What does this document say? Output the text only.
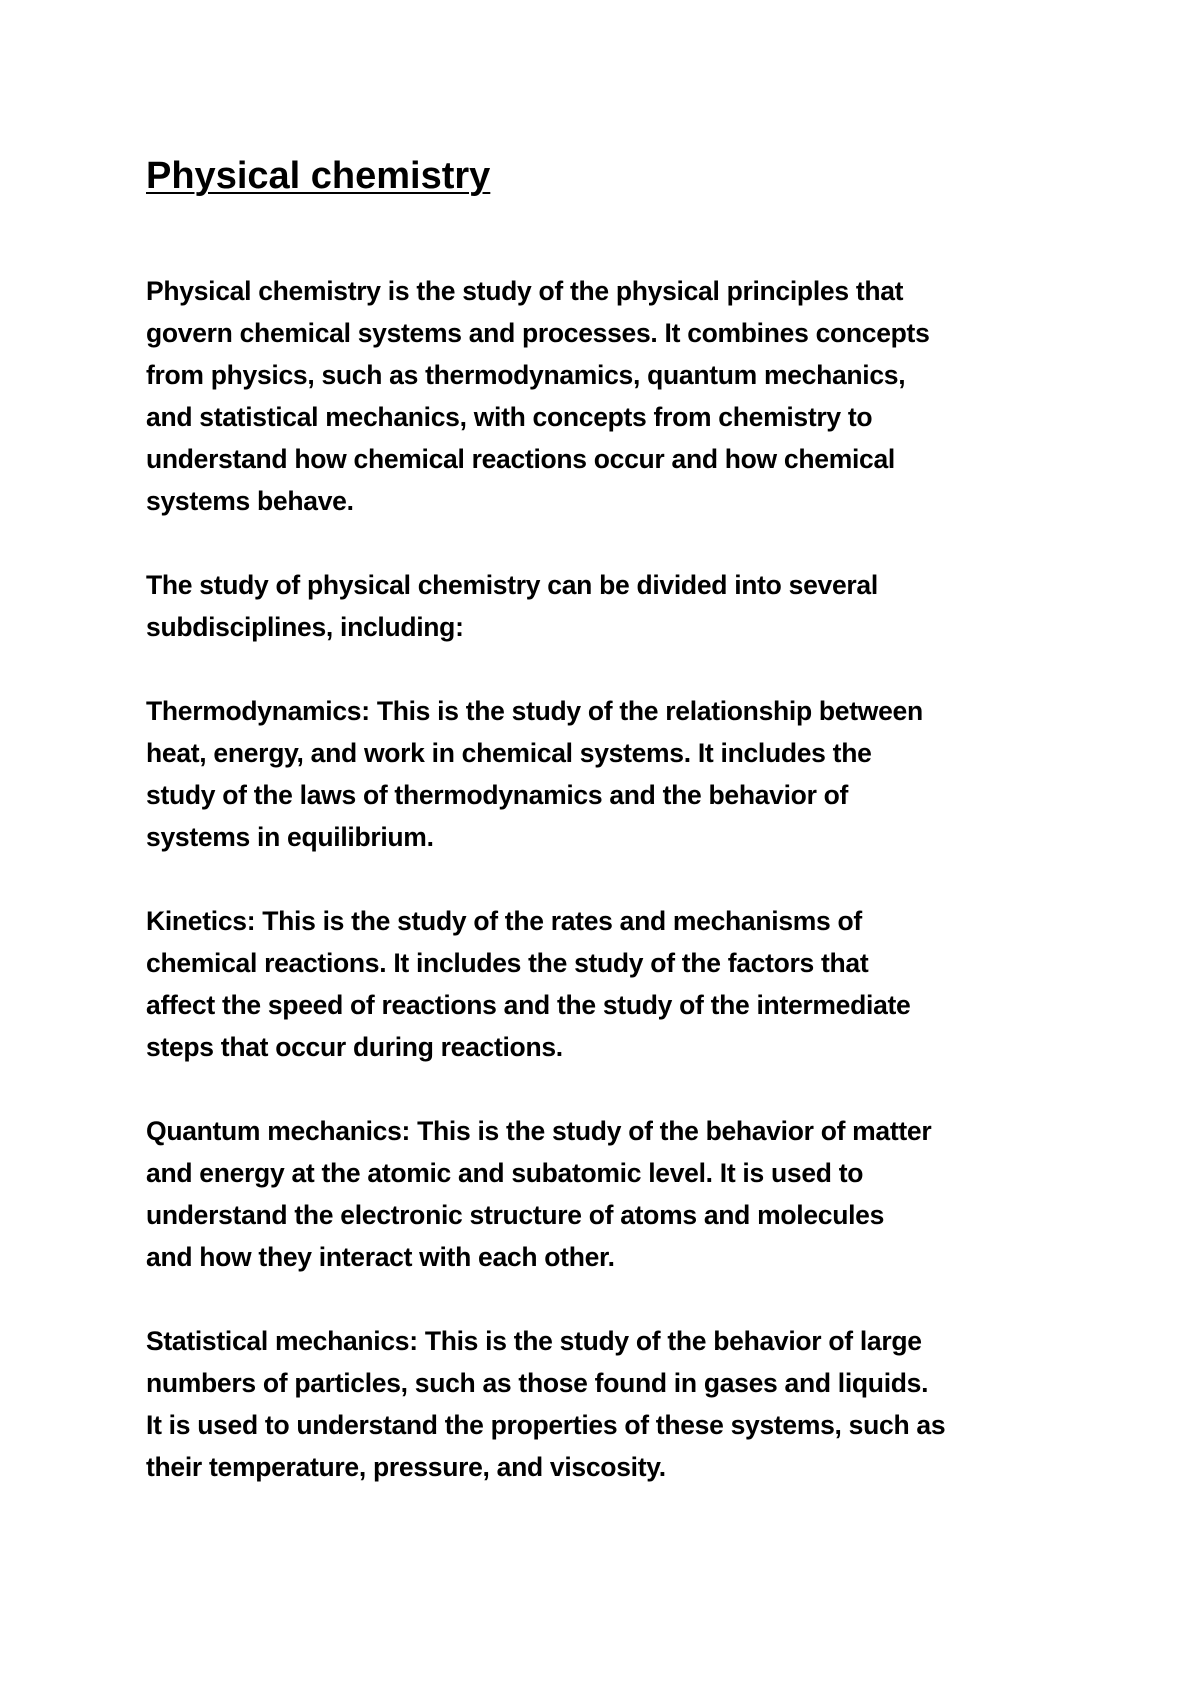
Physical chemistry

Physical chemistry is the study of the physical principles that
govern chemical systems and processes. It combines concepts
from physics, such as thermodynamics, quantum mechanics,
and statistical mechanics, with concepts from chemistry to
understand how chemical reactions occur and how chemical
systems behave.

The study of physical chemistry can be divided into several
subdisciplines, including:

Thermodynamics: This is the study of the relationship between
heat, energy, and work in chemical systems. It includes the
study of the laws of thermodynamics and the behavior of
systems in equilibrium.

Kinetics: This is the study of the rates and mechanisms of
chemical reactions. It includes the study of the factors that
affect the speed of reactions and the study of the intermediate
steps that occur during reactions.

Quantum mechanics: This is the study of the behavior of matter
and energy at the atomic and subatomic level. It is used to
understand the electronic structure of atoms and molecules
and how they interact with each other.

Statistical mechanics: This is the study of the behavior of large
numbers of particles, such as those found in gases and liquids.
It is used to understand the properties of these systems, such as
their temperature, pressure, and viscosity.
